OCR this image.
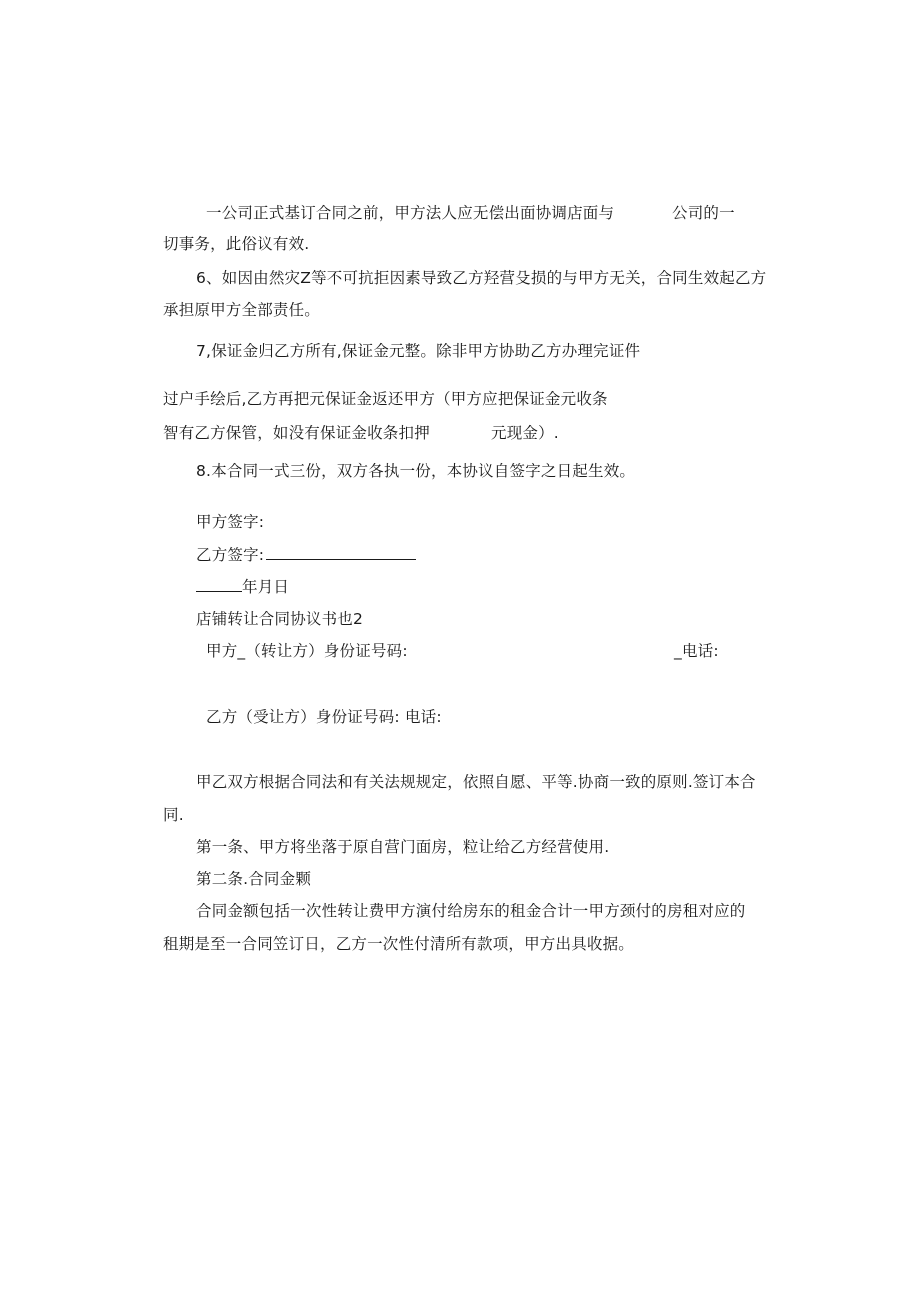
一公司正式基订合同之前，甲方法人应无偿出面协调店面与	公司的一
切事务，此俗议有效.
6、如因由然灾Z等不可抗拒因素导致乙方羟营殳损的与甲方无关，合同生效起乙方
承担原甲方全部责任。
7,保证金归乙方所有,保证金元整。除非甲方协助乙方办理完证件
过户手绘后,乙方再把元保证金返还甲方（甲方应把保证金元收条
智有乙方保管，如没有保证金收条扣押	元现金）.
8.本合同一式三份，双方各执一份，本协议自签字之日起生效。
甲方签字:
乙方签字:
年月日
店铺转让合同协议书也2
甲方_（转让方）身份证号码:	_电话:
乙方（受让方）身份证号码: 电话:
甲乙双方根据合同法和有关法规规定，依照自愿、平等.协商一致的原则.签订本合
同.
第一条、甲方将坐落于原自营门面房，粒让给乙方经营使用.
第二条.合同金颗
合同金额包括一次性转让费甲方演付给房东的租金合计一甲方颈付的房租对应的
租期是至一合同笠订日，乙方一次性付清所有款项，甲方出具收据。
